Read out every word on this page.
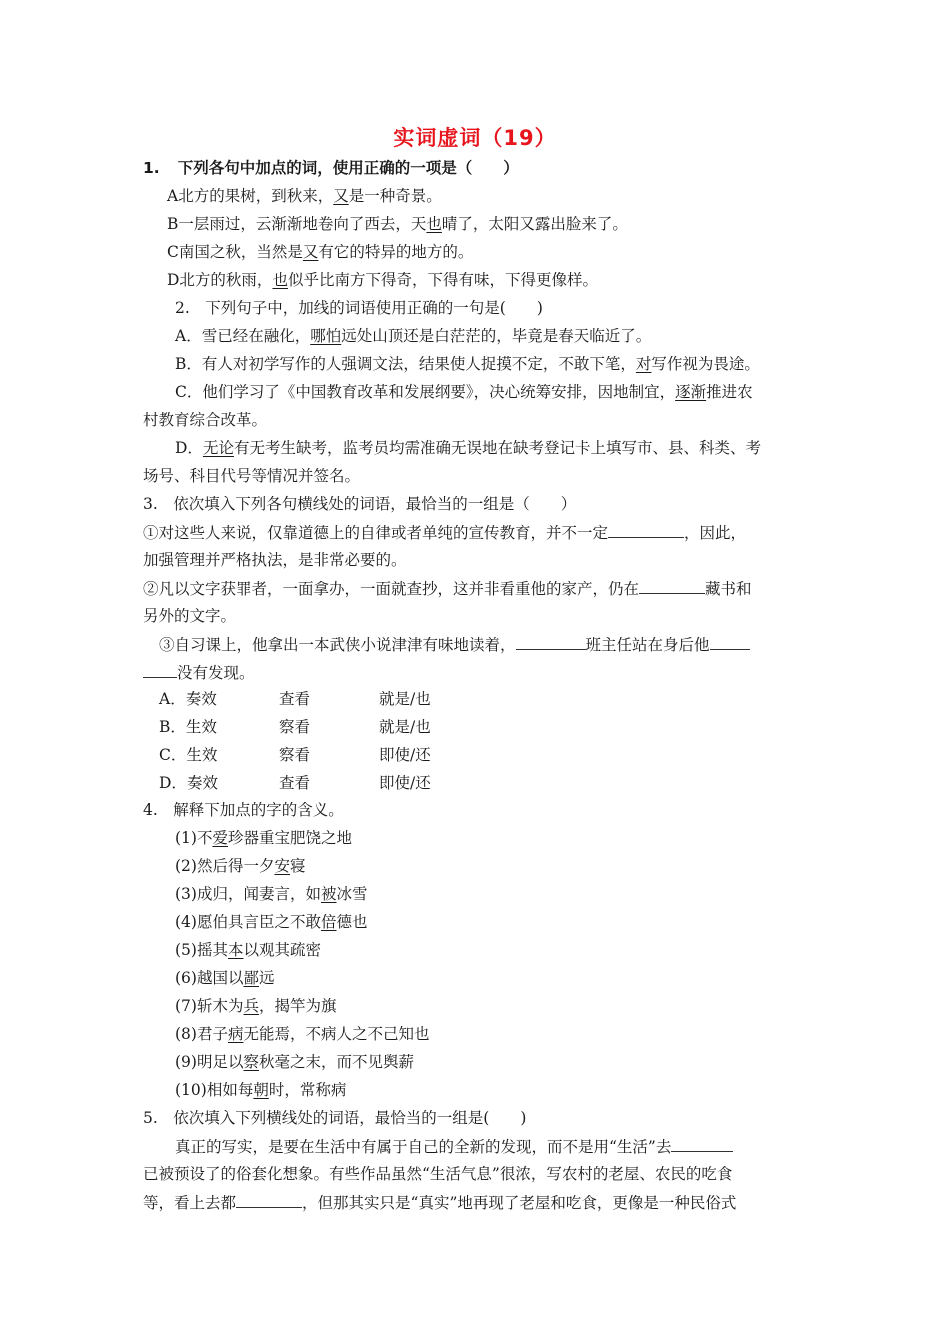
实词虚词（19）
1. 下列各句中加点的词，使用正确的一项是（　　）
A北方的果树，到秋来，又是一种奇景。
B一层雨过，云渐渐地卷向了西去，天也晴了，太阳又露出脸来了。
C南国之秋，当然是又有它的特异的地方的。
D北方的秋雨，也似乎比南方下得奇，下得有味，下得更像样。
2.　下列句子中，加线的词语使用正确的一句是(　　)
A．雪已经在融化，哪怕远处山顶还是白茫茫的，毕竟是春天临近了。
B．有人对初学写作的人强调文法，结果使人捉摸不定，不敢下笔，对写作视为畏途。
C．他们学习了《中国教育改革和发展纲要》，决心统筹安排，因地制宜，逐渐推进农
村教育综合改革。
D．无论有无考生缺考，监考员均需准确无误地在缺考登记卡上填写市、县、科类、考
场号、科目代号等情况并签名。
3.　依次填入下列各句横线处的词语，最恰当的一组是（　　）
①对这些人来说，仅靠道德上的自律或者单纯的宣传教育，并不一定	，因此，
加强管理并严格执法，是非常必要的。
②凡以文字获罪者，一面拿办，一面就查抄，这并非看重他的家产，仍在	藏书和
另外的文字。
③自习课上，他拿出一本武侠小说津津有味地读着，	班主任站在身后他
没有发现。
A．奏效	查看	就是/也
B．生效	察看	就是/也
C．生效	察看	即使/还
D．奏效	查看	即使/还
4.　解释下加点的字的含义。
(1)不爱珍器重宝肥饶之地
(2)然后得一夕安寝
(3)成归，闻妻言，如被冰雪
(4)愿伯具言臣之不敢倍德也
(5)摇其本以观其疏密
(6)越国以鄙远
(7)斩木为兵，揭竿为旗
(8)君子病无能焉，不病人之不己知也
(9)明足以察秋毫之末，而不见舆薪
(10)相如每朝时，常称病
5.　依次填入下列横线处的词语，最恰当的一组是(　　)
真正的写实，是要在生活中有属于自己的全新的发现，而不是用“生活”去
已被预设了的俗套化想象。有些作品虽然“生活气息”很浓，写农村的老屋、农民的吃食
等，看上去都	，但那其实只是“真实”地再现了老屋和吃食，更像是一种民俗式
